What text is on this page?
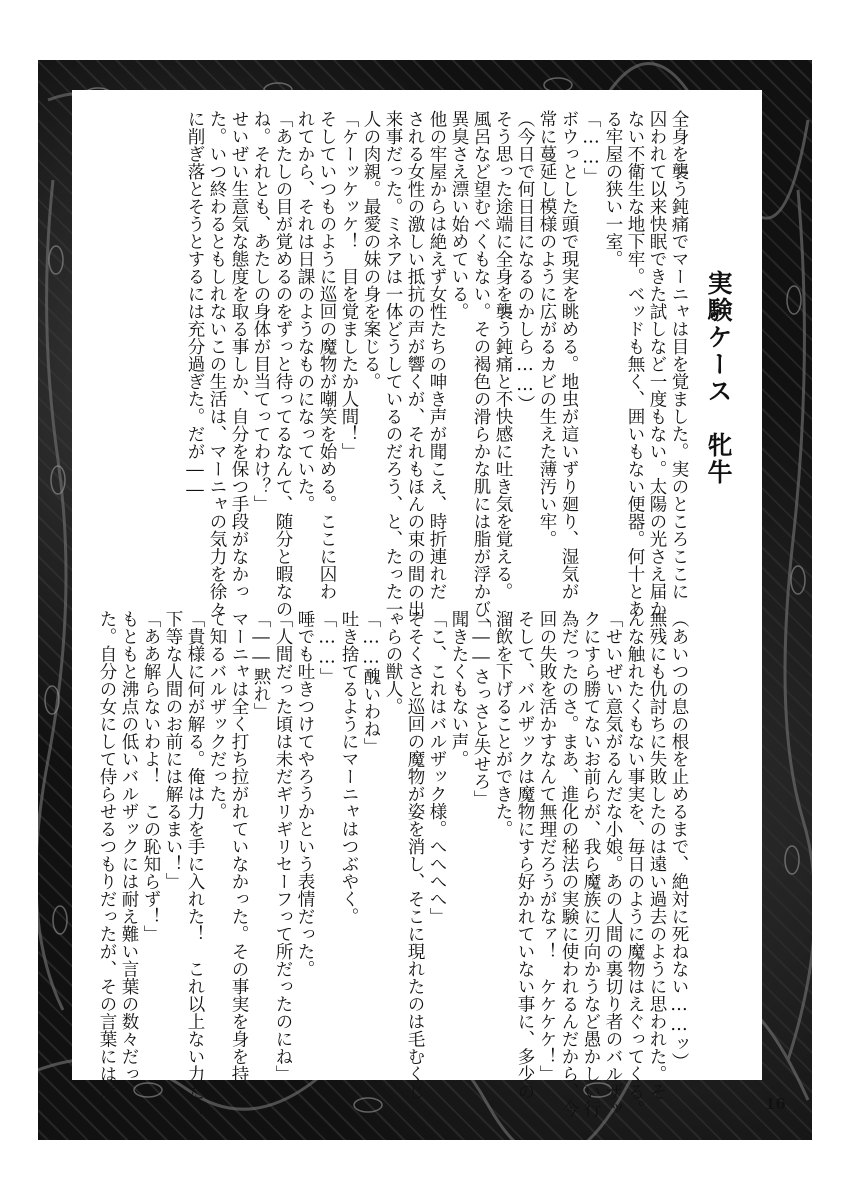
実験ケース　牝牛
全身を襲う鈍痛でマーニャは目を覚ました。実のところここに
囚われて以来快眠できた試しなど一度もない。太陽の光さえ届か
ない不衛生な地下牢。ベッドも無く、囲いもない便器。何十とあ
る牢屋の狭い一室。
「……」
ボウっとした頭で現実を眺める。地虫が這いずり廻り、湿気が
常に蔓延し模様のように広がるカビの生えた薄汚い牢。
（今日で何日目になるのかしら……）
そう思った途端に全身を襲う鈍痛と不快感に吐き気を覚える。
風呂など望むべくもない。その褐色の滑らかな肌には脂が浮かび、
異臭さえ漂い始めている。
他の牢屋からは絶えず女性たちの呻き声が聞こえ、時折連れだ
される女性の激しい抵抗の声が響くが、それもほんの束の間の出
来事だった。ミネアは一体どうしているのだろう、と、たった一
人の肉親。最愛の妹の身を案じる。
「ケーッケッケ！　目を覚ましたか人間！」
そしていつものように巡回の魔物が嘲笑を始める。ここに囚わ
れてから、それは日課のようなものになっていた。
「あたしの目が覚めるのをずっと待ってるなんて、随分と暇なの
ね。それとも、あたしの身体が目当てってわけ？」
せいぜい生意気な態度を取る事しか、自分を保つ手段がなかっ
た。いつ終わるともしれないこの生活は、マーニャの気力を徐々
に削ぎ落とそうとするには充分過ぎた。だが――
（あいつの息の根を止めるまで、絶対に死ねない……ッ）
無残にも仇討ちに失敗したのは遠い過去のように思われた。そ
んな触れたくもない事実を、毎日のように魔物はえぐってくる。
「せいぜい意気がるんだな小娘。あの人間の裏切り者のバルザッ
クにすら勝てないお前らが、我ら魔族に刃向かうなど愚かしい行
為だったのさ。まあ、進化の秘法の実験に使われるんだから、今
回の失敗を活かすなんて無理だろうがなァ！　ケケケケ！」
そして、バルザックは魔物にすら好かれていない事に、多少の
溜飲を下げることができた。
「――さっさと失せろ」
聞きたくもない声。
「こ、これはバルザック様。へへへへ」
そそくさと巡回の魔物が姿を消し、そこに現れたのは毛むくじ
ゃらの獣人。
「……醜いわね」
吐き捨てるようにマーニャはつぶやく。
「……」
唾でも吐きつけてやろうかという表情だった。
「人間だった頃は未だギリギリセーフって所だったのにね」
「――黙れ」
マーニャは全く打ち拉がれていなかった。その事実を身を持っ
て知るバルザックだった。
「貴様に何が解る。俺は力を手に入れた！　これ以上ない力だ！
下等な人間のお前には解るまい！」
「ああ解らないわよ！　この恥知らず！」
もともと沸点の低いバルザックには耐え難い言葉の数々だっ
た。自分の女にして侍らせるつもりだったが、その言葉には度し	16
